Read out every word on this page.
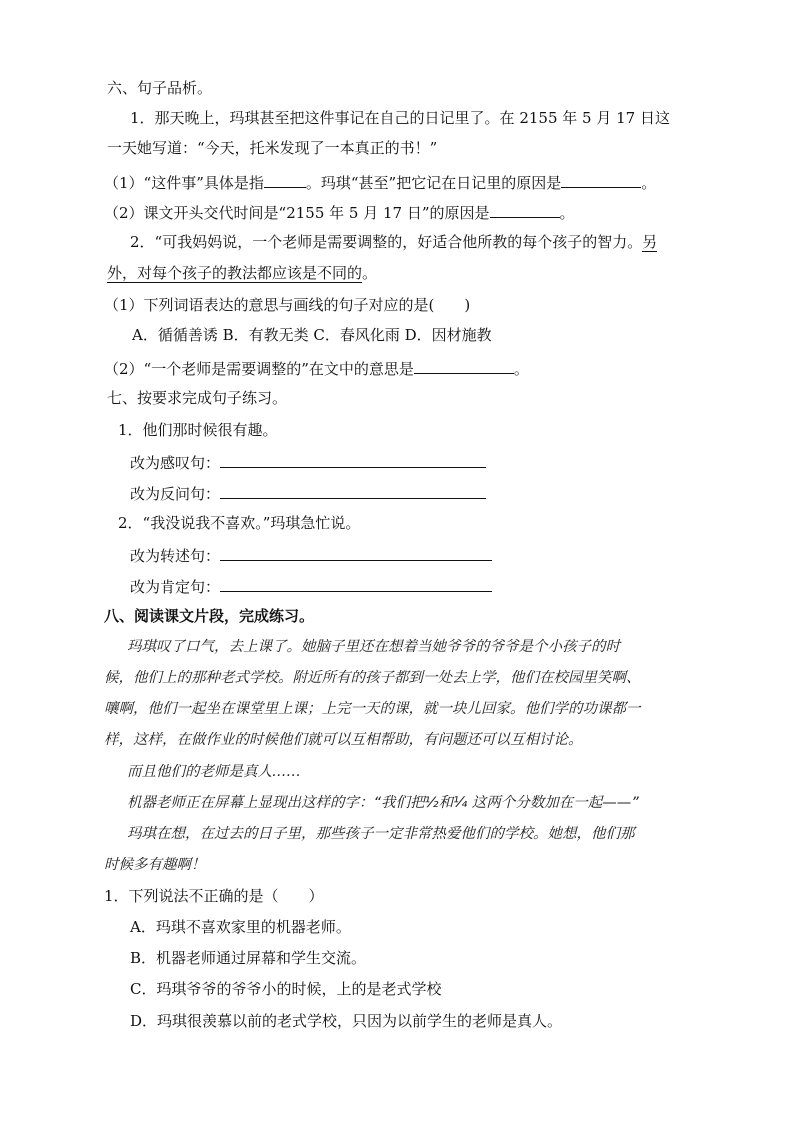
六、句子品析。
1．那天晚上，玛琪甚至把这件事记在自己的日记里了。在 2155 年 5 月 17 日这
一天她写道：“今天，托米发现了一本真正的书！”
（1）“这件事”具体是指	。玛琪“甚至”把它记在日记里的原因是	。
（2）课文开头交代时间是“2155 年 5 月 17 日”的原因是	。
2．“可我妈妈说，一个老师是需要调整的，好适合他所教的每个孩子的智力。另
外，对每个孩子的教法都应该是不同的。
（1）下列词语表达的意思与画线的句子对应的是(　　)
A．循循善诱 B．有教无类 C．春风化雨 D．因材施教
（2）“一个老师是需要调整的”在文中的意思是	。
七、按要求完成句子练习。
1．他们那时候很有趣。
改为感叹句：
改为反问句：
2．“我没说我不喜欢。”玛琪急忙说。
改为转述句：
改为肯定句：
八、阅读课文片段，完成练习。
玛琪叹了口气，去上课了。她脑子里还在想着当她爷爷的爷爷是个小孩子的时
候，他们上的那种老式学校。附近所有的孩子都到一处去上学，他们在校园里笑啊、
嚷啊，他们一起坐在课堂里上课；上完一天的课，就一块儿回家。他们学的功课都一
样，这样，在做作业的时候他们就可以互相帮助，有问题还可以互相讨论。
而且他们的老师是真人……
机器老师正在屏幕上显现出这样的字：“我们把½和¼ 这两个分数加在一起——”
玛琪在想，在过去的日子里，那些孩子一定非常热爱他们的学校。她想，他们那
时候多有趣啊！
1．下列说法不正确的是（　　）
A．玛琪不喜欢家里的机器老师。
B．机器老师通过屏幕和学生交流。
C．玛琪爷爷的爷爷小的时候，上的是老式学校
D．玛琪很羡慕以前的老式学校，只因为以前学生的老师是真人。
